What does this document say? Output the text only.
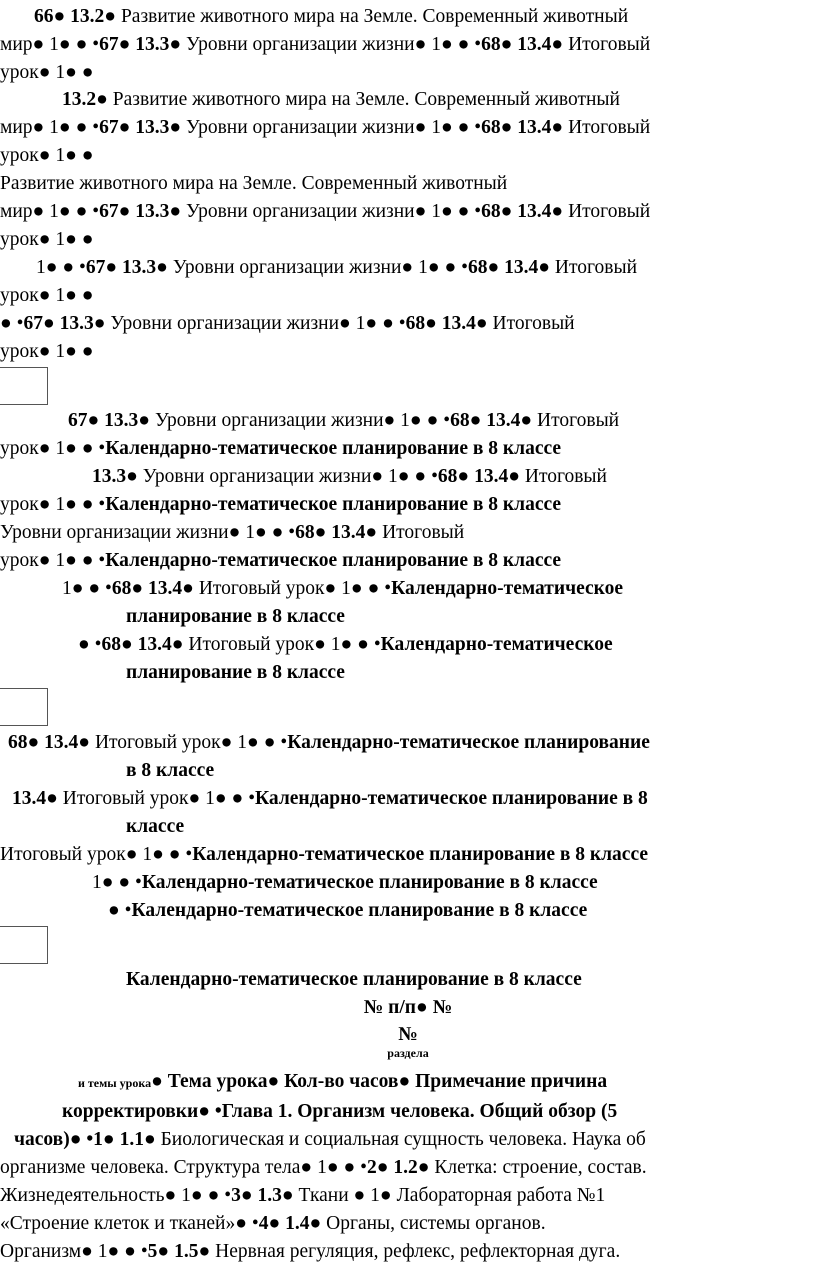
66● 13.2● Развитие животного мира на Земле. Современный животный
мир● 1● ● •67● 13.3● Уровни организации жизни● 1● ● •68● 13.4● Итоговый
урок● 1● ●
13.2● Развитие животного мира на Земле. Современный животный
мир● 1● ● •67● 13.3● Уровни организации жизни● 1● ● •68● 13.4● Итоговый
урок● 1● ●
Развитие животного мира на Земле. Современный животный
мир● 1● ● •67● 13.3● Уровни организации жизни● 1● ● •68● 13.4● Итоговый
урок● 1● ●
1● ● •67● 13.3● Уровни организации жизни● 1● ● •68● 13.4● Итоговый
урок● 1● ●
● •67● 13.3● Уровни организации жизни● 1● ● •68● 13.4● Итоговый
урок● 1● ●
67● 13.3● Уровни организации жизни● 1● ● •68● 13.4● Итоговый
урок● 1● ● •Календарно-тематическое планирование в 8 классе
13.3● Уровни организации жизни● 1● ● •68● 13.4● Итоговый
урок● 1● ● •Календарно-тематическое планирование в 8 классе
Уровни организации жизни● 1● ● •68● 13.4● Итоговый
урок● 1● ● •Календарно-тематическое планирование в 8 классе
1● ● •68● 13.4● Итоговый урок● 1● ● •Календарно-тематическое
планирование в 8 классе
● •68● 13.4● Итоговый урок● 1● ● •Календарно-тематическое
планирование в 8 классе
68● 13.4● Итоговый урок● 1● ● •Календарно-тематическое планирование
в 8 классе
13.4● Итоговый урок● 1● ● •Календарно-тематическое планирование в 8
классе
Итоговый урок● 1● ● •Календарно-тематическое планирование в 8 классе
1● ● •Календарно-тематическое планирование в 8 классе
● •Календарно-тематическое планирование в 8 классе
Календарно-тематическое планирование в 8 классе
№ п/п● №
№
раздела
и темы урока● Тема урока● Кол-во часов● Примечание причина
корректировки● •Глава 1. Организм человека. Общий обзор (5
часов)● •1● 1.1● Биологическая и социальная сущность человека. Наука об
организме человека. Структура тела● 1● ● •2● 1.2● Клетка: строение, состав.
Жизнедеятельность● 1● ● •3● 1.3● Ткани ● 1● Лабораторная работа №1
«Строение клеток и тканей»● •4● 1.4● Органы, системы органов.
Организм● 1● ● •5● 1.5● Нервная регуляция, рефлекс, рефлекторная дуга.
